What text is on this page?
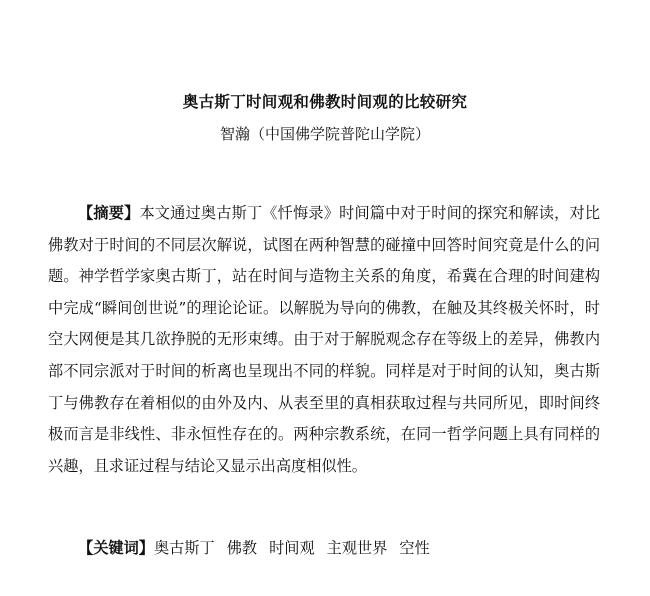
奥古斯丁时间观和佛教时间观的比较研究
智瀚（中国佛学院普陀山学院）

【摘要】本文通过奥古斯丁《忏悔录》时间篇中对于时间的探究和解读，对比佛教对于时间的不同层次解说，试图在两种智慧的碰撞中回答时间究竟是什么的问题。神学哲学家奥古斯丁，站在时间与造物主关系的角度，希冀在合理的时间建构中完成“瞬间创世说”的理论论证。以解脱为导向的佛教，在触及其终极关怀时，时空大网便是其几欲挣脱的无形束缚。由于对于解脱观念存在等级上的差异，佛教内部不同宗派对于时间的析离也呈现出不同的样貌。同样是对于时间的认知，奥古斯丁与佛教存在着相似的由外及内、从表至里的真相获取过程与共同所见，即时间终极而言是非线性、非永恒性存在的。两种宗教系统，在同一哲学问题上具有同样的兴趣，且求证过程与结论又显示出高度相似性。

【关键词】奥古斯丁 佛教 时间观 主观世界 空性
